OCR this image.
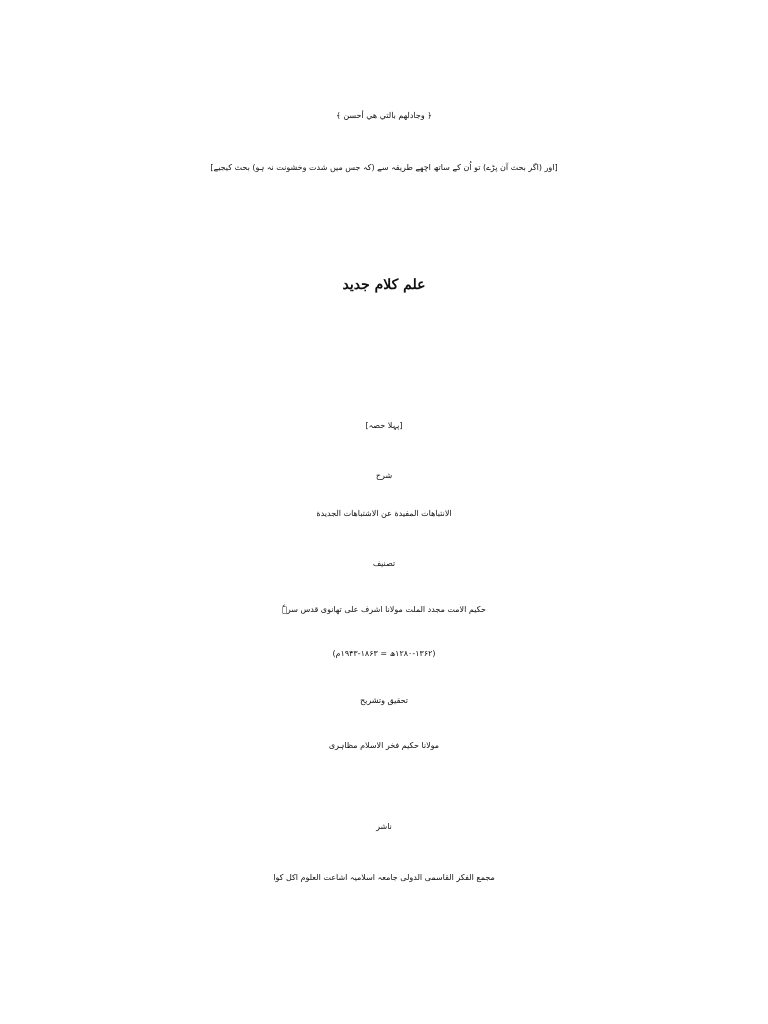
﴿ وجادلهم بالتي هي أحسن ﴾
[اور (اگر بحث آن پڑے) تو اُن کے ساتھ اچھے طریقہ سے (کہ جس میں شدت وخشونت نہ ہو) بحث کیجیے]
علم کلام جدید
[پہلا حصہ]
شرح
الانتباهات المفيدة عن الاشتباهات الجديدة
تصنیف
حکیم الامت مجدد الملت مولانا اشرف علی تھانوی قدس سرہٗ
(۱۲۸۰-۱۳۶۲ھ = ۱۸۶۳-۱۹۴۳م)
تحقیق وتشریح
مولانا حکیم فخر الاسلام مظاہری
ناشر
مجمع الفکر القاسمی الدولی جامعہ اسلامیہ اشاعت العلوم اکل کوا
